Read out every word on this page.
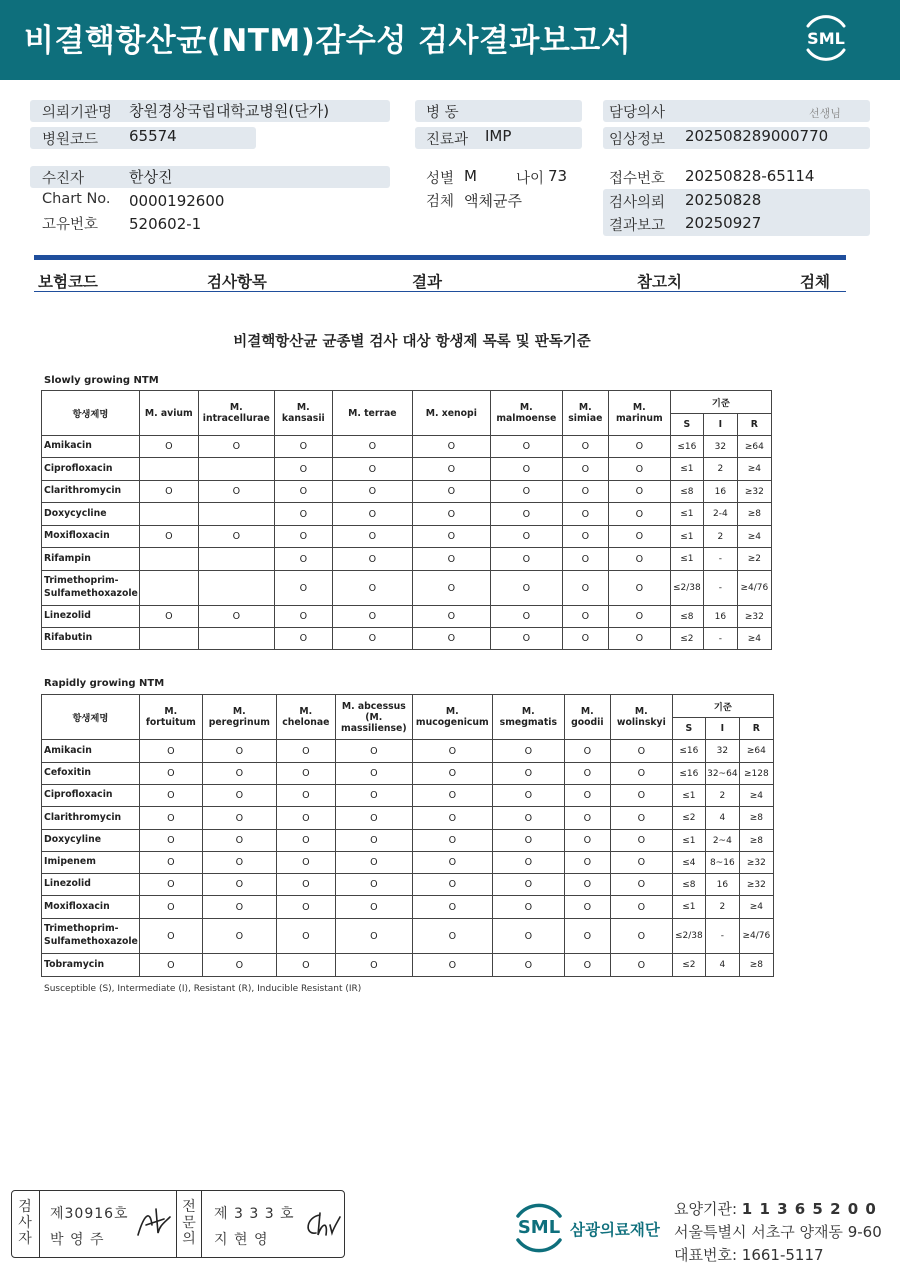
비결핵항산균(NTM)감수성 검사결과보고서	SML
의뢰기관명 창원경상국립대학교병원(단가)
병원코드 65574
수진자	한상진
Chart No. 0000192600
고유번호 520602-1
병 동
진료과 IMP
성별 M	나이 73
검체 액체균주
담당의사	선생님
임상정보 202508289000770
접수번호 20250828-65114
검사의뢰 20250828
결과보고 20250927
보험코드	검사항목	결과	참고치	검체
비결핵항산균 균종별 검사 대상 항생제 목록 및 판독기준
Slowly growing NTM
항생제명	M. avium	M. intracellurae	M. kansasii	M. terrae	M. xenopi	M. malmoense	M. simiae	M. marinum	기준		
									S	I	R
Amikacin	O	O	O	O	O	O	O	O	≤16	32	≥64
Ciprofloxacin			O	O	O	O	O	O	≤1	2	≥4
Clarithromycin	O	O	O	O	O	O	O	O	≤8	16	≥32
Doxycycline			O	O	O	O	O	O	≤1	2-4	≥8
Moxifloxacin	O	O	O	O	O	O	O	O	≤1	2	≥4
Rifampin			O	O	O	O	O	O	≤1	-	≥2
Trimethoprim-Sulfamethoxazole			O	O	O	O	O	O	≤2/38	-	≥4/76
Linezolid	O	O	O	O	O	O	O	O	≤8	16	≥32
Rifabutin			O	O	O	O	O	O	≤2	-	≥4
Rapidly growing NTM
항생제명	M. fortuitum	M. peregrinum	M. chelonae	M. abcessus (M. massiliense)	M. mucogenicum	M. smegmatis	M. goodii	M. wolinskyi	기준		
									S	I	R
Amikacin	O	O	O	O	O	O	O	O	≤16	32	≥64
Cefoxitin	O	O	O	O	O	O	O	O	≤16	32~64	≥128
Ciprofloxacin	O	O	O	O	O	O	O	O	≤1	2	≥4
Clarithromycin	O	O	O	O	O	O	O	O	≤2	4	≥8
Doxycyline	O	O	O	O	O	O	O	O	≤1	2~4	≥8
Imipenem	O	O	O	O	O	O	O	O	≤4	8~16	≥32
Linezolid	O	O	O	O	O	O	O	O	≤8	16	≥32
Moxifloxacin	O	O	O	O	O	O	O	O	≤1	2	≥4
Trimethoprim-Sulfamethoxazole	O	O	O	O	O	O	O	O	≤2/38	-	≥4/76
Tobramycin	O	O	O	O	O	O	O	O	≤2	4	≥8
Susceptible (S), Intermediate (I), Resistant (R), Inducible Resistant (IR)
검
사
자
제30916호
박 영 주
전
문
의
제 3 3 3 호
지 현 영
SML 삼광의료재단
요양기관: 1 1 3 6 5 2 0 0
서울특별시 서초구 양재동 9-60
대표번호: 1661-5117
